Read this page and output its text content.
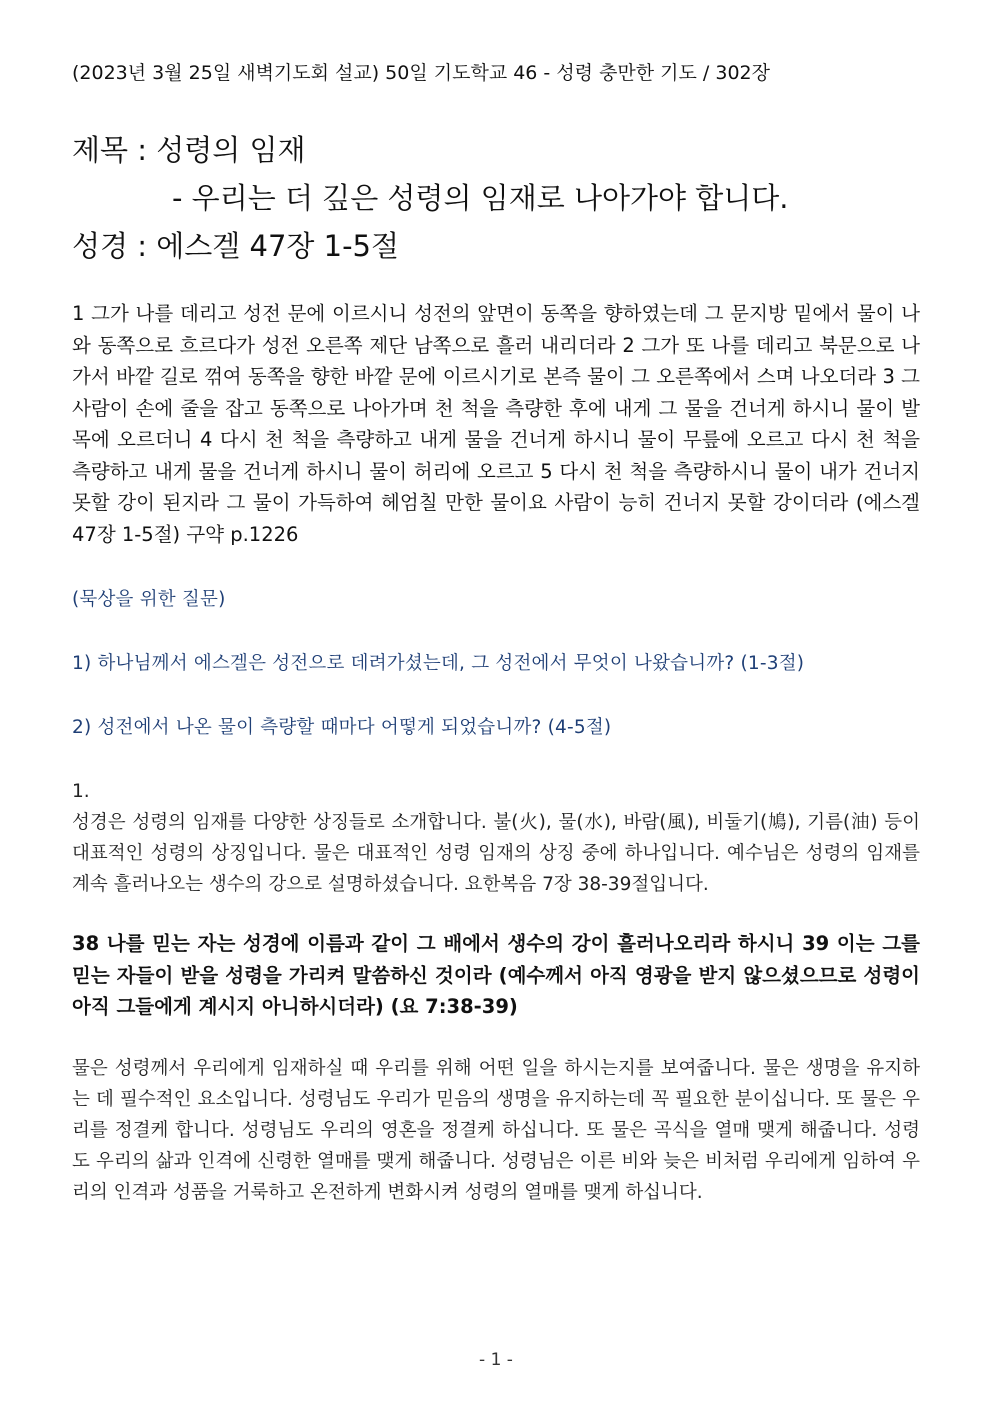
(2023년 3월 25일 새벽기도회 설교) 50일 기도학교 46 - 성령 충만한 기도 / 302장
제목 : 성령의 임재
- 우리는 더 깊은 성령의 임재로 나아가야 합니다.
성경 : 에스겔 47장 1-5절
1 그가 나를 데리고 성전 문에 이르시니 성전의 앞면이 동쪽을 향하였는데 그 문지방 밑에서 물이 나와 동쪽으로 흐르다가 성전 오른쪽 제단 남쪽으로 흘러 내리더라 2 그가 또 나를 데리고 북문으로 나가서 바깥 길로 꺾여 동쪽을 향한 바깥 문에 이르시기로 본즉 물이 그 오른쪽에서 스며 나오더라 3 그 사람이 손에 줄을 잡고 동쪽으로 나아가며 천 척을 측량한 후에 내게 그 물을 건너게 하시니 물이 발목에 오르더니 4 다시 천 척을 측량하고 내게 물을 건너게 하시니 물이 무릎에 오르고 다시 천 척을 측량하고 내게 물을 건너게 하시니 물이 허리에 오르고 5 다시 천 척을 측량하시니 물이 내가 건너지 못할 강이 된지라 그 물이 가득하여 헤엄칠 만한 물이요 사람이 능히 건너지 못할 강이더라 (에스겔 47장 1-5절) 구약 p.1226
(묵상을 위한 질문)
1) 하나님께서 에스겔은 성전으로 데려가셨는데, 그 성전에서 무엇이 나왔습니까? (1-3절)
2) 성전에서 나온 물이 측량할 때마다 어떻게 되었습니까? (4-5절)
1.
성경은 성령의 임재를 다양한 상징들로 소개합니다. 불(火), 물(水), 바람(風), 비둘기(鳩), 기름(油) 등이 대표적인 성령의 상징입니다. 물은 대표적인 성령 임재의 상징 중에 하나입니다. 예수님은 성령의 임재를 계속 흘러나오는 생수의 강으로 설명하셨습니다. 요한복음 7장 38-39절입니다.
38 나를 믿는 자는 성경에 이름과 같이 그 배에서 생수의 강이 흘러나오리라 하시니 39 이는 그를 믿는 자들이 받을 성령을 가리켜 말씀하신 것이라 (예수께서 아직 영광을 받지 않으셨으므로 성령이 아직 그들에게 계시지 아니하시더라) (요 7:38-39)
물은 성령께서 우리에게 임재하실 때 우리를 위해 어떤 일을 하시는지를 보여줍니다. 물은 생명을 유지하는 데 필수적인 요소입니다. 성령님도 우리가 믿음의 생명을 유지하는데 꼭 필요한 분이십니다. 또 물은 우리를 정결케 합니다. 성령님도 우리의 영혼을 정결케 하십니다. 또 물은 곡식을 열매 맺게 해줍니다. 성령도 우리의 삶과 인격에 신령한 열매를 맺게 해줍니다. 성령님은 이른 비와 늦은 비처럼 우리에게 임하여 우리의 인격과 성품을 거룩하고 온전하게 변화시켜 성령의 열매를 맺게 하십니다.
- 1 -
